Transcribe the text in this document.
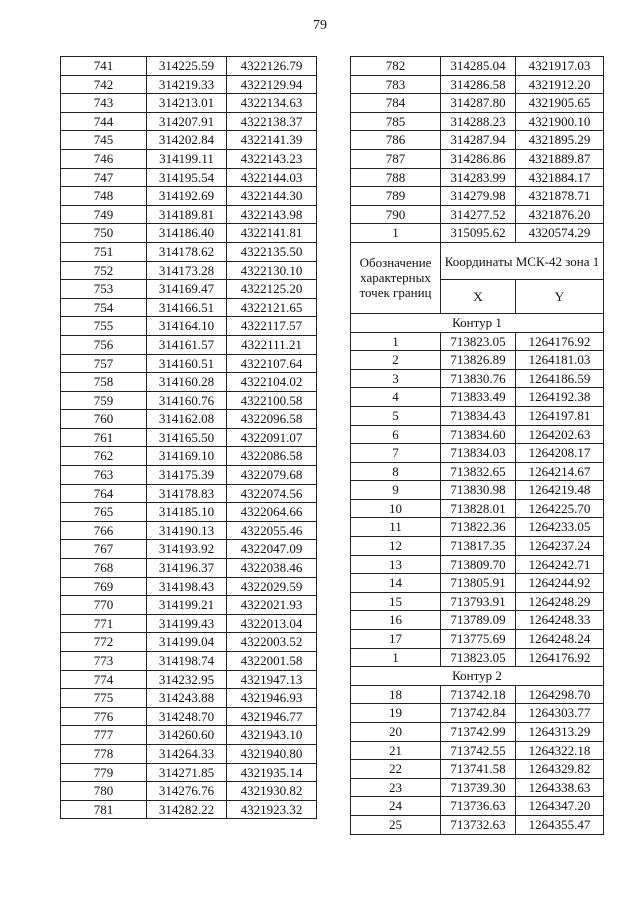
79
741	314225.59	4322126.79
742	314219.33	4322129.94
743	314213.01	4322134.63
744	314207.91	4322138.37
745	314202.84	4322141.39
746	314199.11	4322143.23
747	314195.54	4322144.03
748	314192.69	4322144.30
749	314189.81	4322143.98
750	314186.40	4322141.81
751	314178.62	4322135.50
752	314173.28	4322130.10
753	314169.47	4322125.20
754	314166.51	4322121.65
755	314164.10	4322117.57
756	314161.57	4322111.21
757	314160.51	4322107.64
758	314160.28	4322104.02
759	314160.76	4322100.58
760	314162.08	4322096.58
761	314165.50	4322091.07
762	314169.10	4322086.58
763	314175.39	4322079.68
764	314178.83	4322074.56
765	314185.10	4322064.66
766	314190.13	4322055.46
767	314193.92	4322047.09
768	314196.37	4322038.46
769	314198.43	4322029.59
770	314199.21	4322021.93
771	314199.43	4322013.04
772	314199.04	4322003.52
773	314198.74	4322001.58
774	314232.95	4321947.13
775	314243.88	4321946.93
776	314248.70	4321946.77
777	314260.60	4321943.10
778	314264.33	4321940.80
779	314271.85	4321935.14
780	314276.76	4321930.82
781	314282.22	4321923.32
782	314285.04	4321917.03
783	314286.58	4321912.20
784	314287.80	4321905.65
785	314288.23	4321900.10
786	314287.94	4321895.29
787	314286.86	4321889.87
788	314283.99	4321884.17
789	314279.98	4321878.71
790	314277.52	4321876.20
1	315095.62	4320574.29
Обозначение характерных точек границ	Координаты МСК-42 зона 1	
	X	Y
Контур 1		
1	713823.05	1264176.92
2	713826.89	1264181.03
3	713830.76	1264186.59
4	713833.49	1264192.38
5	713834.43	1264197.81
6	713834.60	1264202.63
7	713834.03	1264208.17
8	713832.65	1264214.67
9	713830.98	1264219.48
10	713828.01	1264225.70
11	713822.36	1264233.05
12	713817.35	1264237.24
13	713809.70	1264242.71
14	713805.91	1264244.92
15	713793.91	1264248.29
16	713789.09	1264248.33
17	713775.69	1264248.24
1	713823.05	1264176.92
Контур 2		
18	713742.18	1264298.70
19	713742.84	1264303.77
20	713742.99	1264313.29
21	713742.55	1264322.18
22	713741.58	1264329.82
23	713739.30	1264338.63
24	713736.63	1264347.20
25	713732.63	1264355.47
